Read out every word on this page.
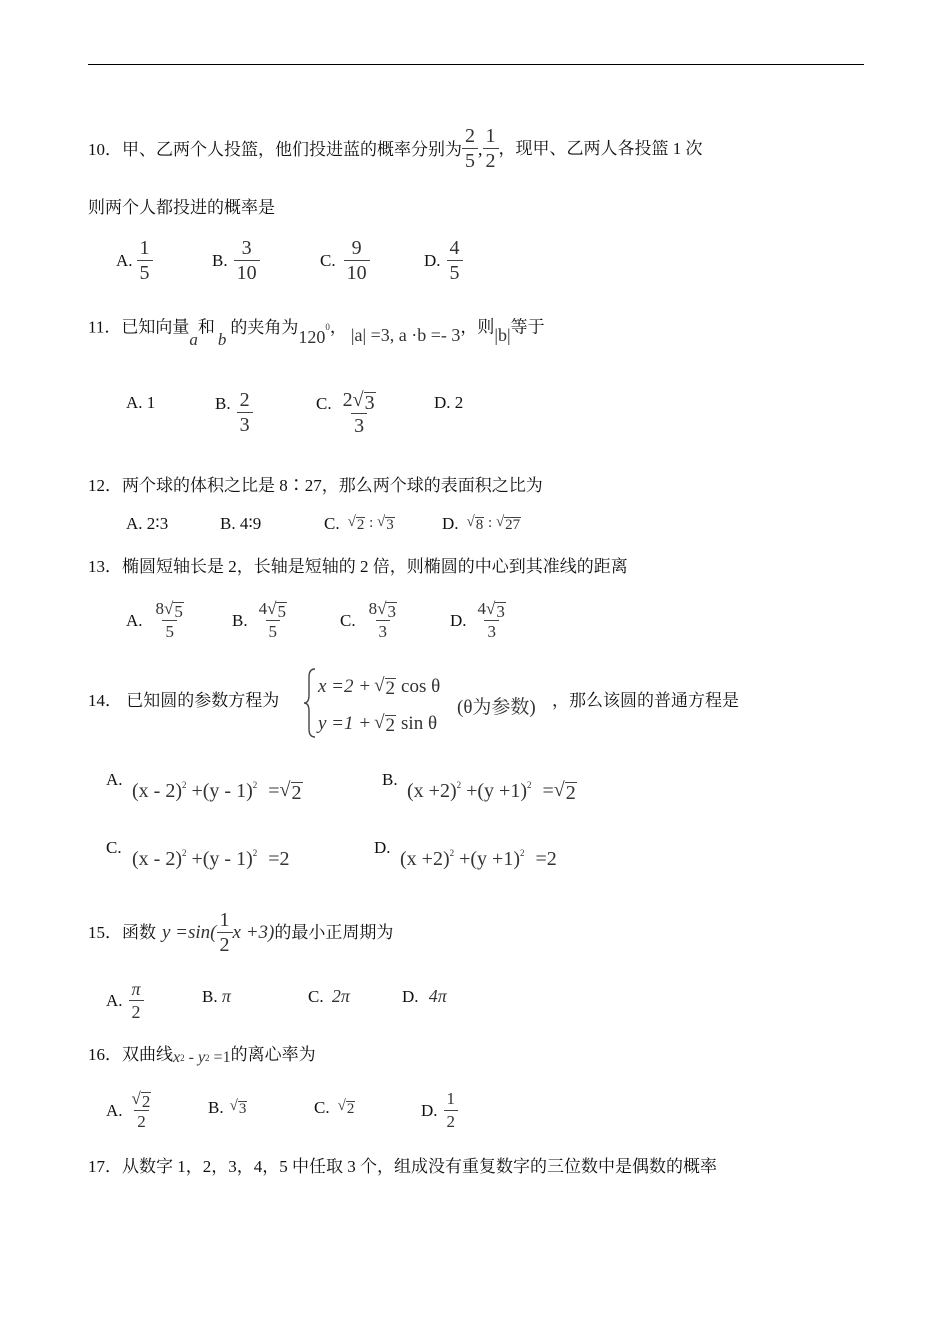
10．甲、乙两个人投篮，他们投进蓝的概率分别为 $\frac{2}{5}$ , $\frac{1}{2}$ ，现甲、乙两人各投篮 1 次
则两个人都投进的概率是
A. $\frac{1}{5}$	B. $\frac{3}{10}$	C. $\frac{9}{10}$	D. $\frac{4}{5}$
11．已知向量a和b的夹角为$120^0$， |a| =3, a ·b =- 3，则|b|等于
A. 1	B. $\frac{2}{3}$	C. $\frac{2 √ 3}{3}$	D. 2
12．两个球的体积之比是 8∶27，那么两个球的表面积之比为
A. 2∶3	B. 4∶9	C. √ 2 : √ 3	D. √ 8 : √ 27
13．椭圆短轴长是 2，长轴是短轴的 2 倍，则椭圆的中心到其准线的距离
A. $\frac{8 √ 5}{5}$	B. $\frac{4 √ 5}{5}$	C. $\frac{8 √ 3}{3}$	D. $\frac{4 √ 3}{3}$
14． 已知圆的参数方程为
x =2 + √ 2 cos θ
y =1 + √ 2 sin θ
(θ为参数) ，那么该圆的普通方程是
A.
(x - 2) 2 +(y - 1) 2 = √ 2
B.
(x +2) 2 +(y +1) 2 = √ 2
C.
(x - 2) 2 +(y - 1) 2 =2
D.
(x +2) 2 +(y +1) 2 =2
15．函数 $y =\sin( \frac{1}{2}$ x +3) 的最小正周期为
A. $\frac{\pi}{2}$	B. π	C. 2π	D. 4π
16．双曲线 x 2 - y 2 =1 的离心率为
A. $\frac{√ 2}{2}$	B. √ 3	C. √ 2	D. $\frac{1}{2}$
17．从数字 1，2，3，4，5 中任取 3 个，组成没有重复数字的三位数中是偶数的概率
